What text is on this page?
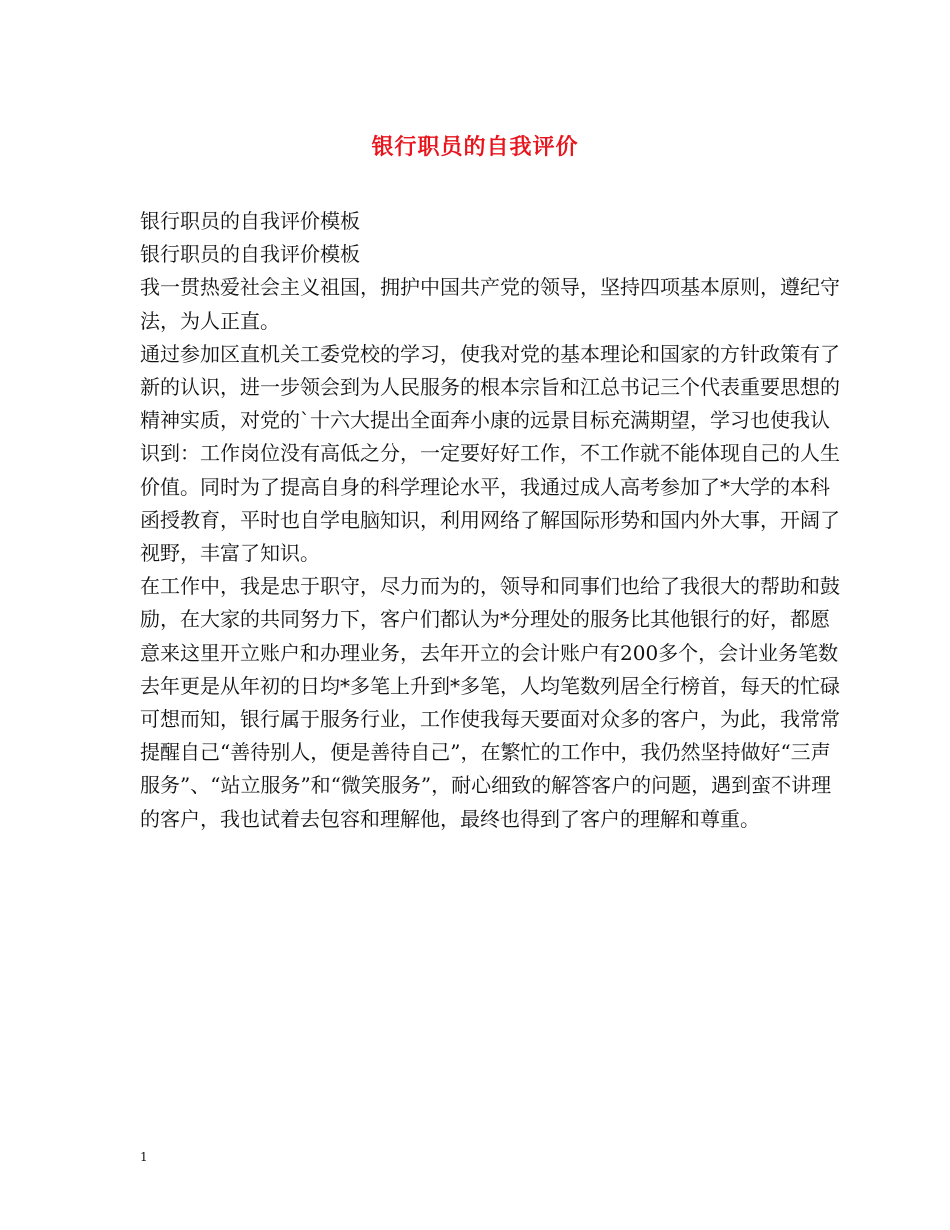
银行职员的自我评价

银行职员的自我评价模板

银行职员的自我评价模板

我一贯热爱社会主义祖国，拥护中国共产党的领导，坚持四项基本原则，遵纪守法，为人正直。

通过参加区直机关工委党校的学习，使我对党的基本理论和国家的方针政策有了新的认识，进一步领会到为人民服务的根本宗旨和江总书记三个代表重要思想的精神实质，对党的`十六大提出全面奔小康的远景目标充满期望，学习也使我认识到：工作岗位没有高低之分，一定要好好工作，不工作就不能体现自己的人生价值。同时为了提高自身的科学理论水平，我通过成人高考参加了*大学的本科函授教育，平时也自学电脑知识，利用网络了解国际形势和国内外大事，开阔了视野，丰富了知识。

在工作中，我是忠于职守，尽力而为的，领导和同事们也给了我很大的帮助和鼓励，在大家的共同努力下，客户们都认为*分理处的服务比其他银行的好，都愿意来这里开立账户和办理业务，去年开立的会计账户有200多个，会计业务笔数去年更是从年初的日均*多笔上升到*多笔，人均笔数列居全行榜首，每天的忙碌可想而知，银行属于服务行业，工作使我每天要面对众多的客户，为此，我常常提醒自己“善待别人，便是善待自己”，在繁忙的工作中，我仍然坚持做好“三声服务”、“站立服务”和“微笑服务”，耐心细致的解答客户的问题，遇到蛮不讲理的客户，我也试着去包容和理解他，最终也得到了客户的理解和尊重。

1
